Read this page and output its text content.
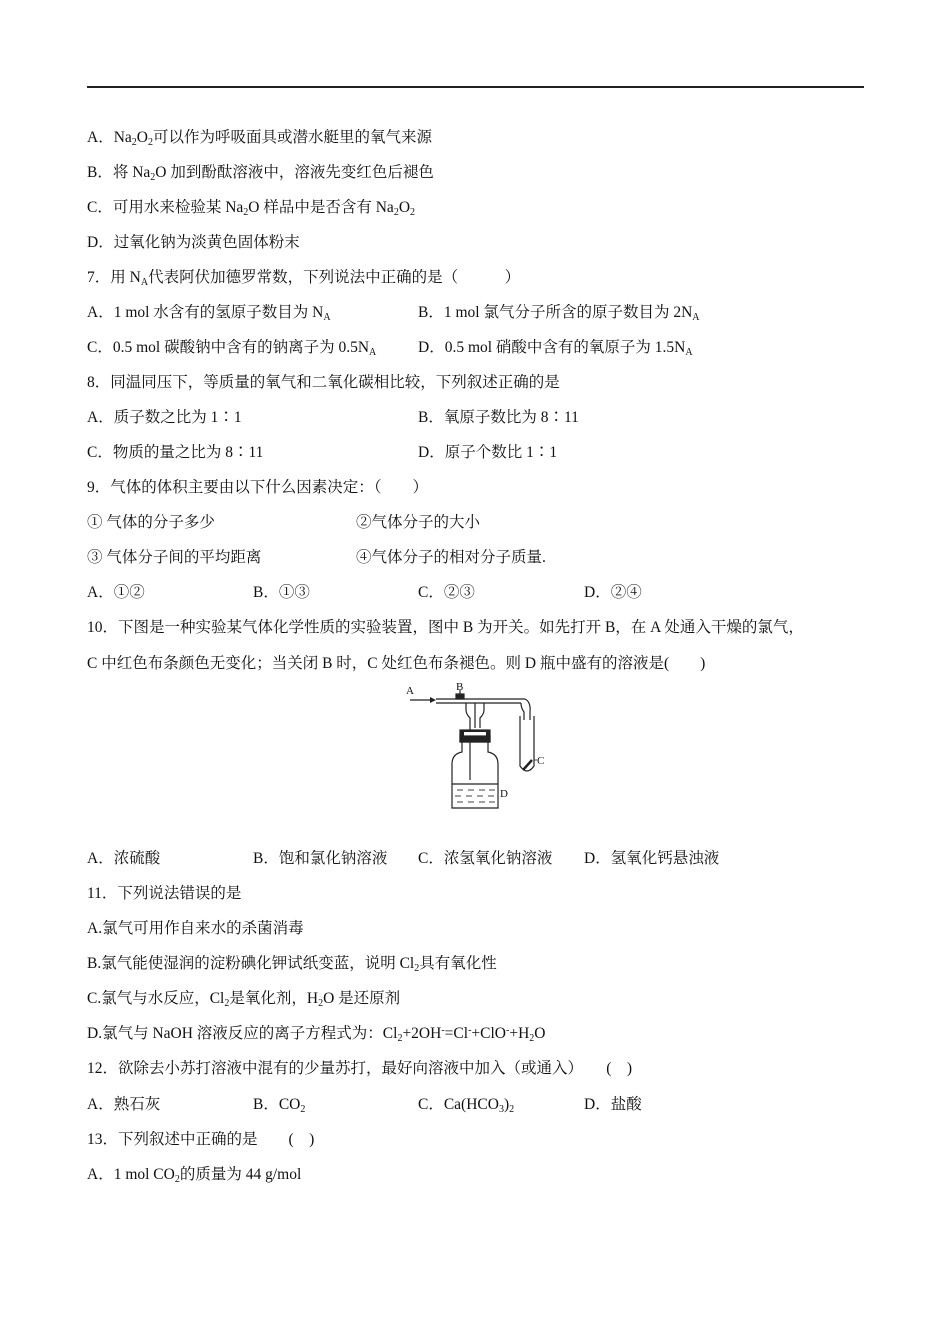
A．$Na_2O_2$可以作为呼吸面具或潜水艇里的氧气来源
B．将 $Na_2O$ 加到酚酞溶液中，溶液先变红色后褪色
C．可用水来检验某 $Na_2O$ 样品中是否含有 $Na_2O_2$
D．过氧化钠为淡黄色固体粉末
7．用 $N_A$代表阿伏加德罗常数，下列说法中正确的是（　　　）
A．1 mol 水含有的氢原子数目为 $N_A$	B．1 mol 氯气分子所含的原子数目为 $2N_A$
C．0.5 mol 碳酸钠中含有的钠离子为 $0.5N_A$	D．0.5 mol 硝酸中含有的氧原子为 $1.5N_A$
8．同温同压下，等质量的氧气和二氧化碳相比较，下列叙述正确的是
A．质子数之比为 1∶1	B．氧原子数比为 8∶11
C．物质的量之比为 8∶11	D．原子个数比 1∶1
9．气体的体积主要由以下什么因素决定：（　　）
① 气体的分子多少	②气体分子的大小
③ 气体分子间的平均距离	④气体分子的相对分子质量.
A．①②	B．①③	C．②③	D．②④
10．下图是一种实验某气体化学性质的实验装置，图中 B 为开关。如先打开 B，在 A 处通入干燥的氯气，
C 中红色布条颜色无变化；当关闭 B 时，C 处红色布条褪色。则 D 瓶中盛有的溶液是(　　)
A	B
C
D
A．浓硫酸	B．饱和氯化钠溶液 C．浓氢氧化钠溶液 D．氢氧化钙悬浊液
11．下列说法错误的是
A.氯气可用作自来水的杀菌消毒
B.氯气能使湿润的淀粉碘化钾试纸变蓝，说明 $Cl_2$具有氧化性
C.氯气与水反应，$Cl_2$是氧化剂，$H_2O$ 是还原剂
D.氯气与 NaOH 溶液反应的离子方程式为：$Cl_2+2OH^-=Cl^-+ClO^-+H_2O$
12．欲除去小苏打溶液中混有的少量苏打，最好向溶液中加入（或通入）　　(　)
A．熟石灰	B．$CO_2$	C．$Ca(HCO_3)_2$	D．盐酸
13．下列叙述中正确的是　　(　)
A．1 mol $CO_2$的质量为 44 g/mol
